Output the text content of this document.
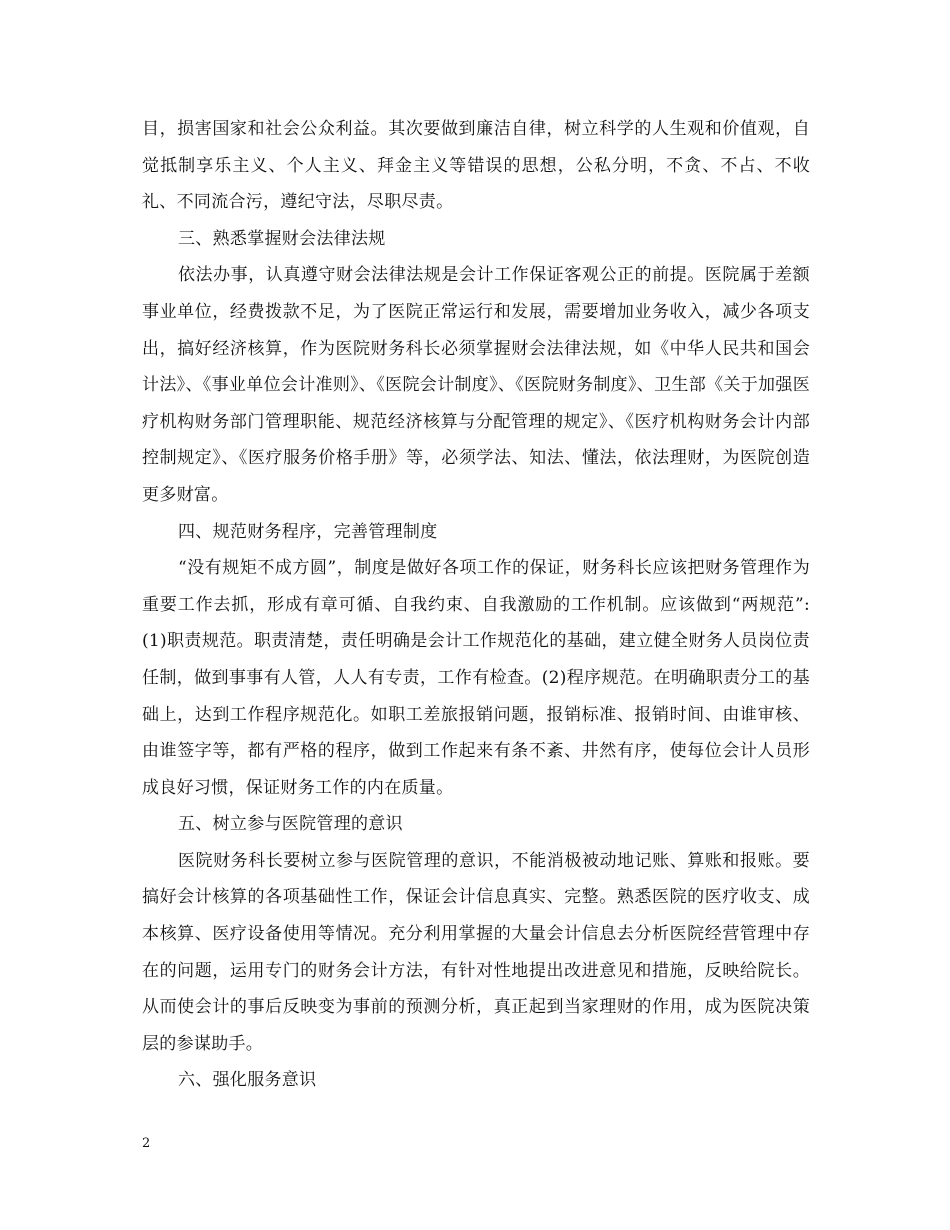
目，损害国家和社会公众利益。其次要做到廉洁自律，树立科学的人生观和价值观，自觉抵制享乐主义、个人主义、拜金主义等错误的思想，公私分明，不贪、不占、不收礼、不同流合污，遵纪守法，尽职尽责。

三、熟悉掌握财会法律法规

依法办事，认真遵守财会法律法规是会计工作保证客观公正的前提。医院属于差额事业单位，经费拨款不足，为了医院正常运行和发展，需要增加业务收入，减少各项支出，搞好经济核算，作为医院财务科长必须掌握财会法律法规，如《中华人民共和国会计法》、《事业单位会计准则》、《医院会计制度》、《医院财务制度》、卫生部《关于加强医疗机构财务部门管理职能、规范经济核算与分配管理的规定》、《医疗机构财务会计内部控制规定》、《医疗服务价格手册》等，必须学法、知法、懂法，依法理财，为医院创造更多财富。

四、规范财务程序，完善管理制度

“没有规矩不成方圆”，制度是做好各项工作的保证，财务科长应该把财务管理作为重要工作去抓，形成有章可循、自我约束、自我激励的工作机制。应该做到“两规范”:(1)职责规范。职责清楚，责任明确是会计工作规范化的基础，建立健全财务人员岗位责任制，做到事事有人管，人人有专责，工作有检查。(2)程序规范。在明确职责分工的基础上，达到工作程序规范化。如职工差旅报销问题，报销标准、报销时间、由谁审核、由谁签字等，都有严格的程序，做到工作起来有条不紊、井然有序，使每位会计人员形成良好习惯，保证财务工作的内在质量。

五、树立参与医院管理的意识

医院财务科长要树立参与医院管理的意识，不能消极被动地记账、算账和报账。要搞好会计核算的各项基础性工作，保证会计信息真实、完整。熟悉医院的医疗收支、成本核算、医疗设备使用等情况。充分利用掌握的大量会计信息去分析医院经营管理中存在的问题，运用专门的财务会计方法，有针对性地提出改进意见和措施，反映给院长。从而使会计的事后反映变为事前的预测分析，真正起到当家理财的作用，成为医院决策层的参谋助手。

六、强化服务意识

2
